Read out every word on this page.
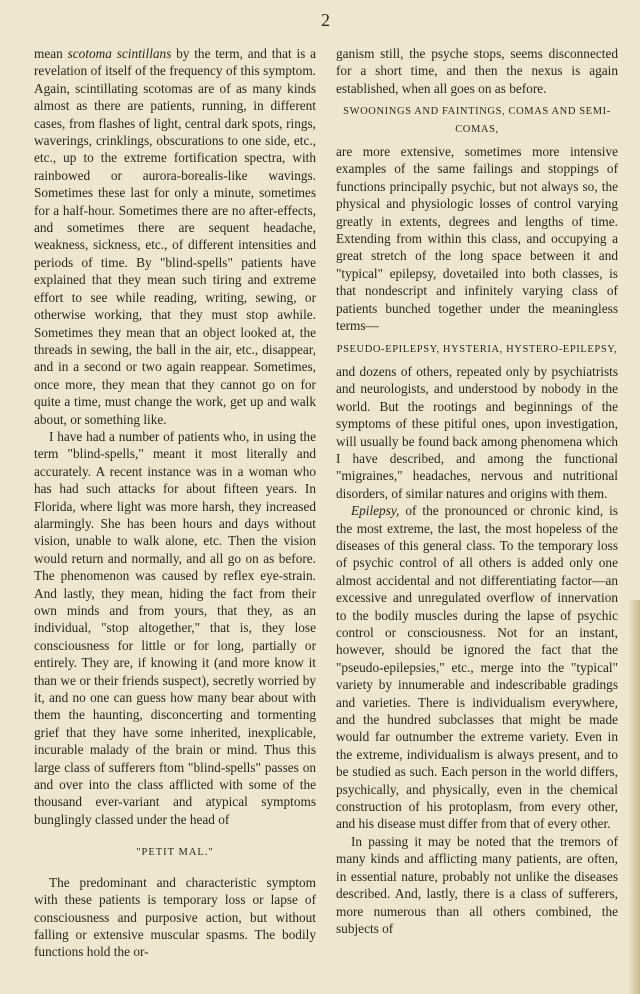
2

mean scotoma scintillans by the term, and that is a revelation of itself of the frequency of this symptom. Again, scintillating scotomas are of as many kinds almost as there are patients, running, in different cases, from flashes of light, central dark spots, rings, waverings, crinklings, obscurations to one side, etc., etc., up to the extreme fortification spectra, with rainbowed or aurora-borealis-like wavings. Sometimes these last for only a minute, sometimes for a half-hour. Sometimes there are no after-effects, and sometimes there are sequent headache, weakness, sickness, etc., of different intensities and periods of time. By "blind-spells" patients have explained that they mean such tiring and extreme effort to see while reading, writing, sewing, or otherwise working, that they must stop awhile. Sometimes they mean that an object looked at, the threads in sewing, the ball in the air, etc., disappear, and in a second or two again reappear. Sometimes, once more, they mean that they cannot go on for quite a time, must change the work, get up and walk about, or something like.

I have had a number of patients who, in using the term "blind-spells," meant it most literally and accurately. A recent instance was in a woman who has had such attacks for about fifteen years. In Florida, where light was more harsh, they increased alarmingly. She has been hours and days without vision, unable to walk alone, etc. Then the vision would return and normally, and all go on as before. The phenomenon was caused by reflex eye-strain. And lastly, they mean, hiding the fact from their own minds and from yours, that they, as an individual, "stop altogether," that is, they lose consciousness for little or for long, partially or entirely. They are, if knowing it (and more know it than we or their friends suspect), secretly worried by it, and no one can guess how many bear about with them the haunting, disconcerting and tormenting grief that they have some inherited, inexplicable, incurable malady of the brain or mind. Thus this large class of sufferers ftom "blind-spells" passes on and over into the class afflicted with some of the thousand ever-variant and atypical symptoms bunglingly classed under the head of

"PETIT MAL."

The predominant and characteristic symptom with these patients is temporary loss or lapse of consciousness and purposive action, but without falling or extensive muscular spasms. The bodily functions hold the or-

ganism still, the psyche stops, seems disconnected for a short time, and then the nexus is again established, when all goes on as before.

SWOONINGS AND FAINTINGS, COMAS AND SEMI-COMAS,

are more extensive, sometimes more intensive examples of the same failings and stoppings of functions principally psychic, but not always so, the physical and physiologic losses of control varying greatly in extents, degrees and lengths of time. Extending from within this class, and occupying a great stretch of the long space between it and "typical" epilepsy, dovetailed into both classes, is that nondescript and infinitely varying class of patients bunched together under the meaningless terms—

PSEUDO-EPILEPSY, HYSTERIA, HYSTERO-EPILEPSY,

and dozens of others, repeated only by psychiatrists and neurologists, and understood by nobody in the world. But the rootings and beginnings of the symptoms of these pitiful ones, upon investigation, will usually be found back among phenomena which I have described, and among the functional "migraines," headaches, nervous and nutritional disorders, of similar natures and origins with them.

Epilepsy, of the pronounced or chronic kind, is the most extreme, the last, the most hopeless of the diseases of this general class. To the temporary loss of psychic control of all others is added only one almost accidental and not differentiating factor—an excessive and unregulated overflow of innervation to the bodily muscles during the lapse of psychic control or consciousness. Not for an instant, however, should be ignored the fact that the "pseudo-epilepsies," etc., merge into the "typical" variety by innumerable and indescribable gradings and varieties. There is individualism everywhere, and the hundred subclasses that might be made would far outnumber the extreme variety. Even in the extreme, individualism is always present, and to be studied as such. Each person in the world differs, psychically, and physically, even in the chemical construction of his protoplasm, from every other, and his disease must differ from that of every other.

In passing it may be noted that the tremors of many kinds and afflicting many patients, are often, in essential nature, probably not unlike the diseases described. And, lastly, there is a class of sufferers, more numerous than all others combined, the subjects of
